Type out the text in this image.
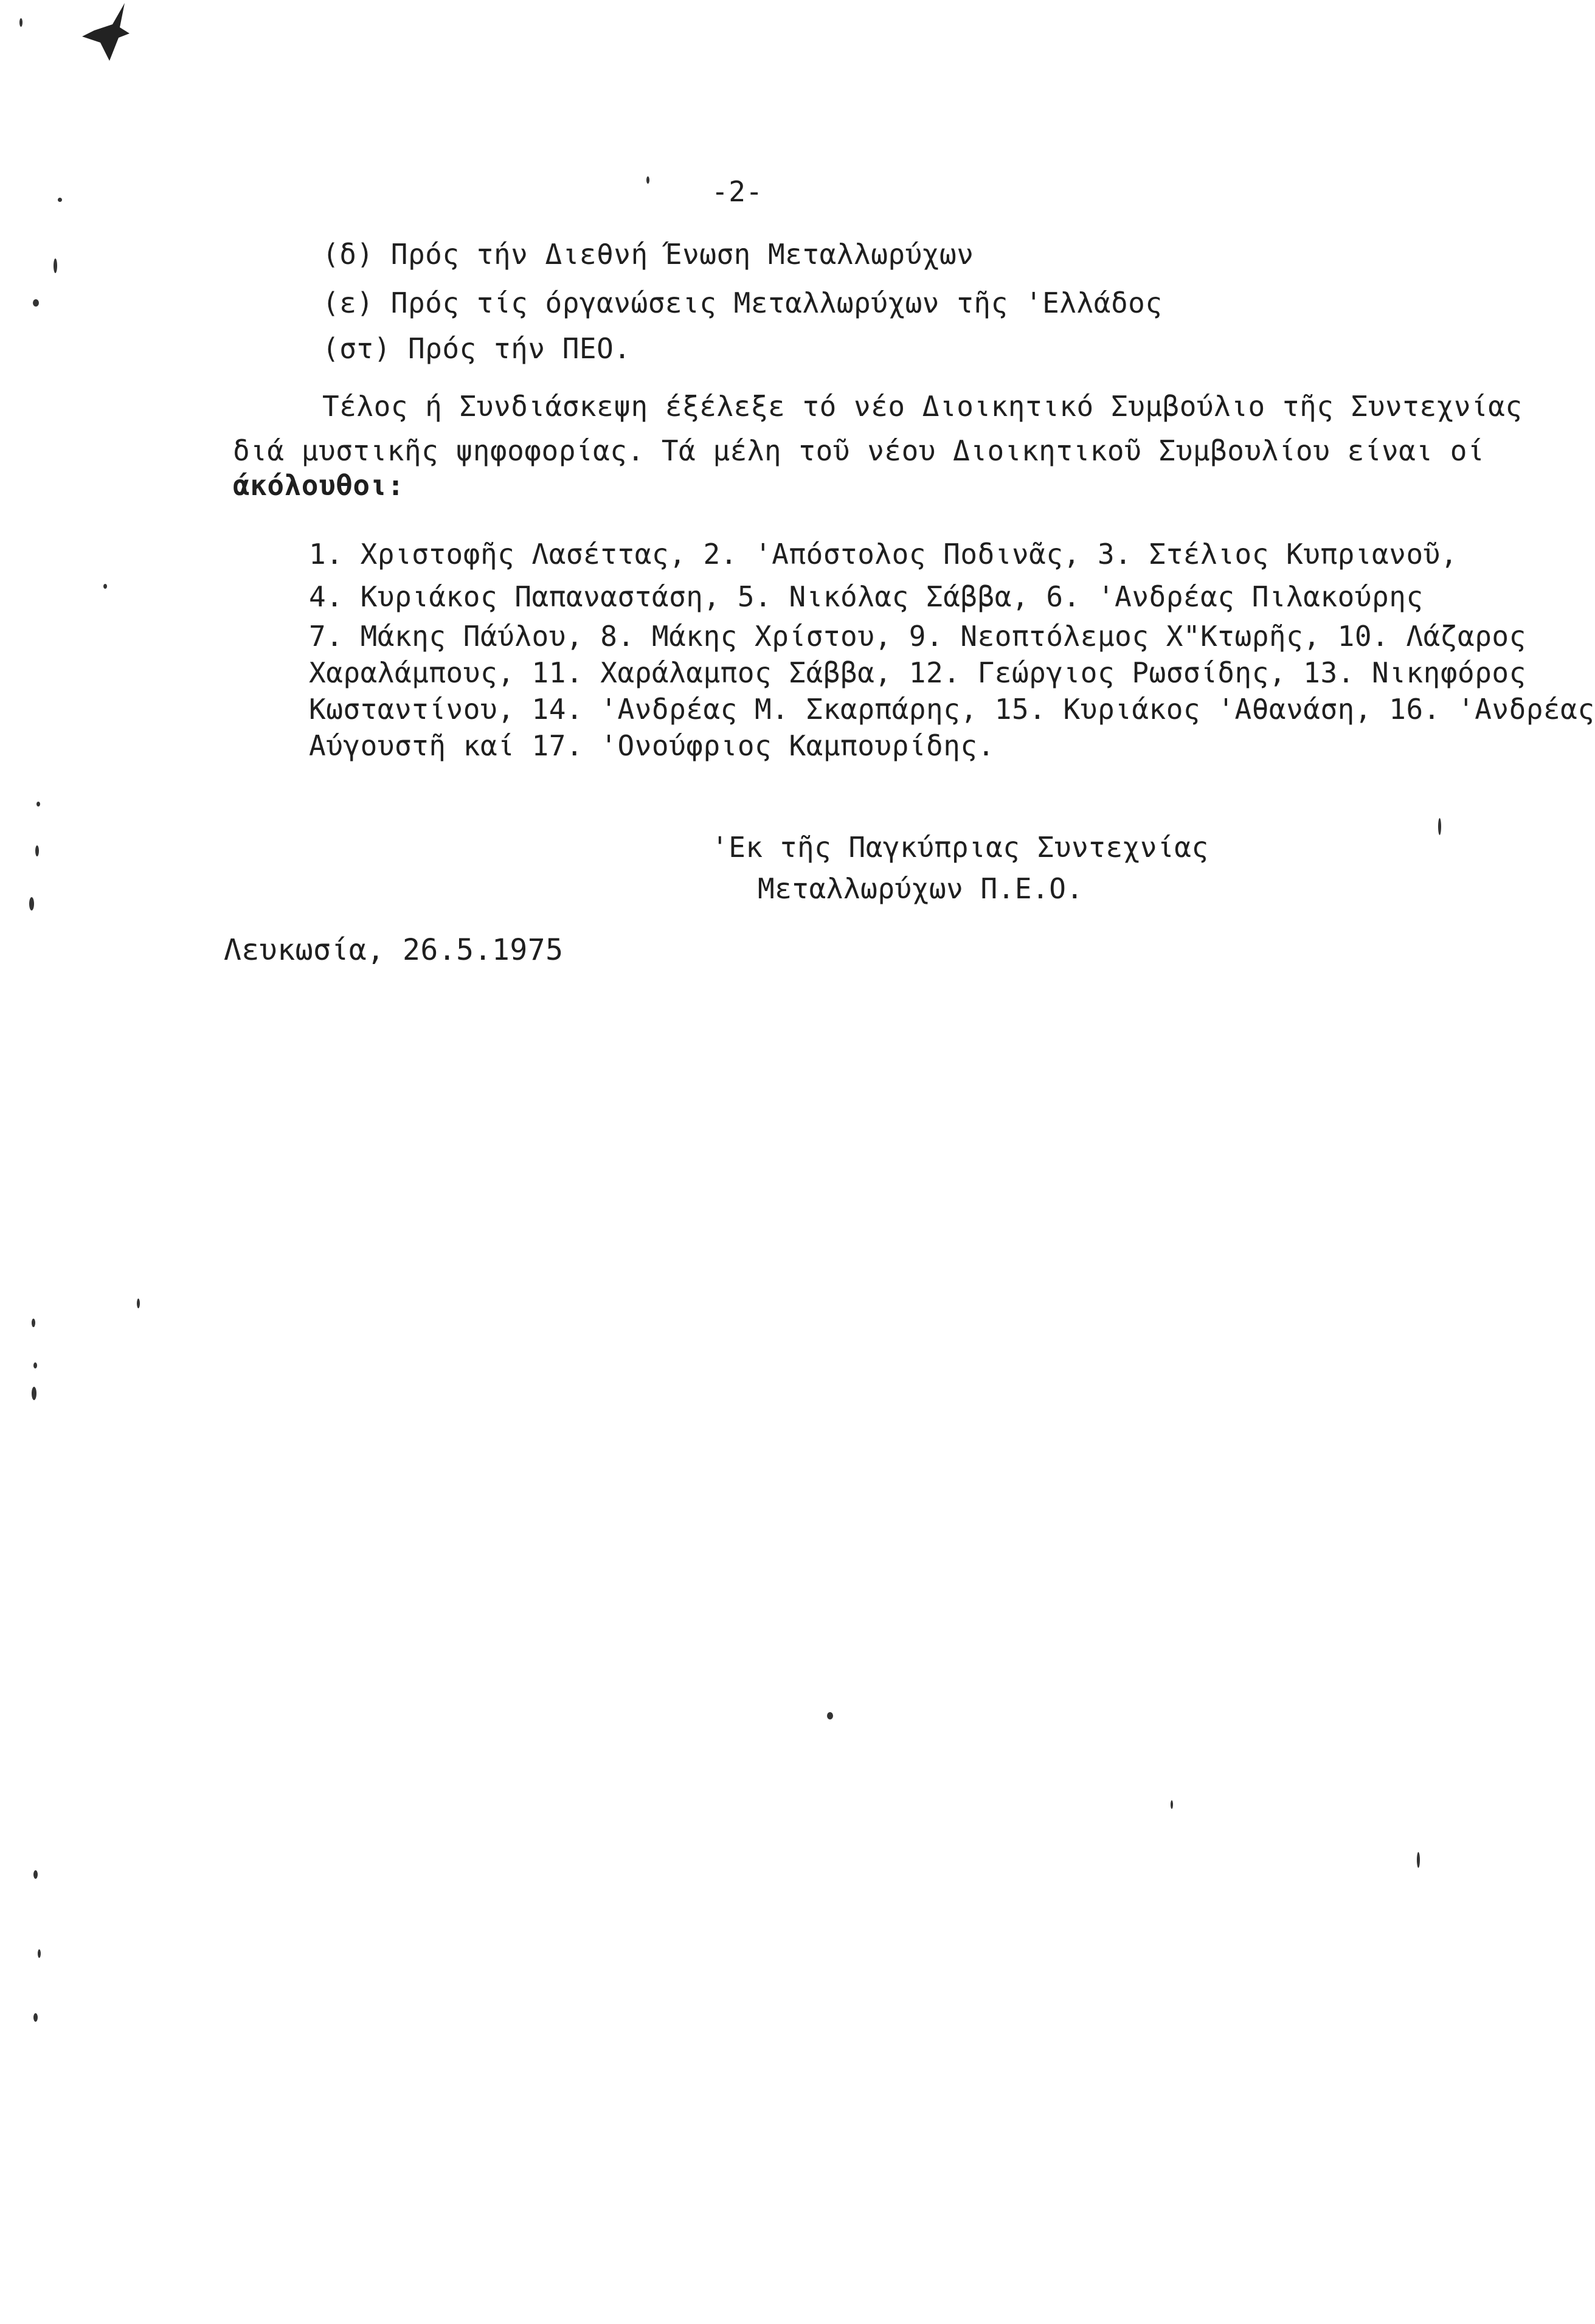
-2-
(δ) Πρός τήν Διεθνή Ένωση Μεταλλωρύχων
(ε) Πρός τίς όργανώσεις Μεταλλωρύχων τῆς 'Ελλάδος
(στ) Πρός τήν ΠΕΟ.
Τέλος ή Συνδιάσκεψη έξέλεξε τό νέο Διοικητικό Συμβούλιο τῆς Συντεχνίας
διά μυστικῆς ψηφοφορίας. Τά μέλη τοῦ νέου Διοικητικοῦ Συμβουλίου είναι οί
άκόλουθοι:
1. Χριστοφῆς Λασέττας, 2. 'Απόστολος Ποδινᾶς, 3. Στέλιος Κυπριανοῦ,
4. Κυριάκος Παπαναστάση, 5. Νικόλας Σάββα, 6. 'Ανδρέας Πιλακούρης
7. Μάκης Πάύλου, 8. Μάκης Χρίστου, 9. Νεοπτόλεμος Χ"Κτωρῆς, 10. Λάζαρος
Χαραλάμπους, 11. Χαράλαμπος Σάββα, 12. Γεώργιος Ρωσσίδης, 13. Νικηφόρος
Κωσταντίνου, 14. 'Ανδρέας Μ. Σκαρπάρης, 15. Κυριάκος 'Αθανάση, 16. 'Ανδρέας
Αύγουστῆ καί 17. 'Ονούφριος Καμπουρίδης.
'Εκ τῆς Παγκύπριας Συντεχνίας
Μεταλλωρύχων Π.Ε.Ο.
Λευκωσία, 26.5.1975
